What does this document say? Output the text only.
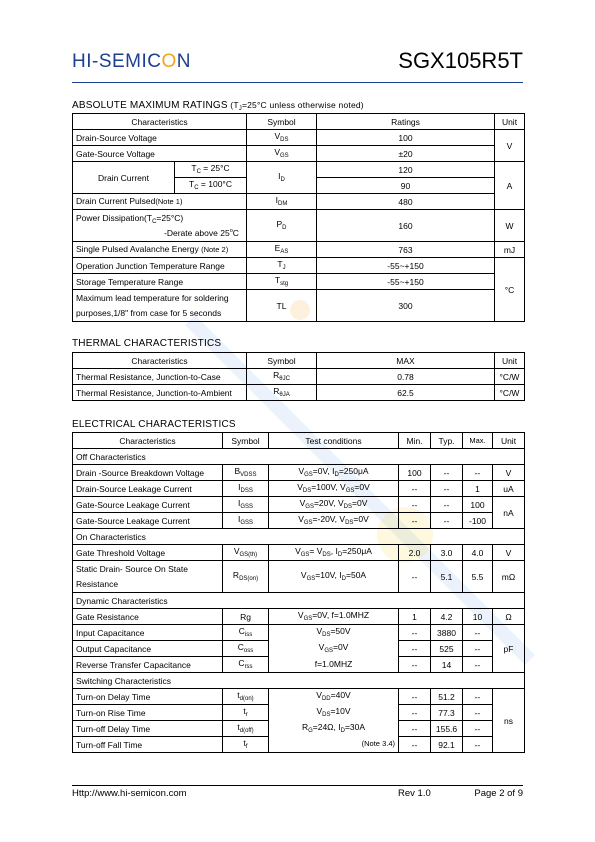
HI-SEMICON	SGX105R5T
ABSOLUTE MAXIMUM RATINGS ($T_J=25^\circ C$ unless otherwise noted)
Characteristics		Symbol	Ratings	Unit
Drain-Source Voltage		$V_{DS}$	100	V
Gate-Source Voltage		$V_{GS}$	±20	
Drain Current	$T_C = 25^\circ C$	$I_D$	120	A
	$T_C = 100^\circ C$		90	
Drain Current Pulsed(Note 1)		$I_{DM}$	480	
Power $Dissipation(T_C=25^\circ C)$
-Derate above 25$^o$C		$P_D$	160	W
Single Pulsed Avalanche Energy (Note 2)		$E_{AS}$	763	mJ
Operation Junction Temperature Range		$T_J$	-55~+150	°C
Storage Temperature Range		$T_{stg}$	-55~+150	
Maximum lead temperature for soldering
purposes,1/8" from case for 5 seconds		TL	300	
THERMAL CHARACTERISTICS
Characteristics	Symbol	MAX	Unit
Thermal Resistance, Junction-to-Case	$R_{\theta JC}$	0.78	°C/W
Thermal Resistance, Junction-to-Ambient	$R_{\theta JA}$	62.5	°C/W
ELECTRICAL CHARACTERISTICS
Characteristics	Symbol	Test conditions	Min.	Typ.	Max.	Unit
Off Characteristics						
Drain -Source Breakdown Voltage	$B_{VDSS}$	$V_{GS}=0V$, $I_D=250\mu A$	100	--	--	V
Drain-Source Leakage Current	$I_{DSS}$	$V_{DS}=100V$, $V_{GS}=0V$	--	--	1	uA
Gate-Source Leakage Current	$I_{GSS}$	$V_{GS}=20V$, $V_{DS}=0V$	--	--	100	nA
Gate-Source Leakage Current	$I_{GSS}$	$V_{GS}=-20V$, $V_{DS}=0V$	--	--	-100	
On Characteristics						
Gate Threshold Voltage	$V_{GS(th)}$	$V_{GS}= V_{DS}$, $I_D=250\mu A$	2.0	3.0	4.0	V
Static Drain- Source On State
Resistance	$R_{DS(on)}$	$V_{GS}=10V$, $I_D=50A$	--	5.1	5.5	mΩ
Dynamic Characteristics						
Gate Resistance	Rg	$V_{GS}=0V$, f=1.0MHZ	1	4.2	10	Ω
Input Capacitance	$C_{iss}$	$V_{DS}=50V$	--	3880	--	pF
Output Capacitance	$C_{oss}$	$V_{GS}=0V$	--	525	--	
Reverse Transfer Capacitance	$C_{rss}$	f=1.0MHZ	--	14	--	
Switching Characteristics						
Turn-on Delay Time	$t_{d(on)}$	$V_{DD}=40V$	--	51.2	--	ns
Turn-on Rise Time	$t_r$	$V_{DS}=10V$	--	77.3	--	
Turn-off Delay Time	$t_{d(off)}$	$R_G=24\Omega$, $I_D=30A$	--	155.6	--	
Turn-off Fall Time	$t_f$	(Note 3.4)	--	92.1	--	
Http://www.hi-semicon.com	Rev 1.0	Page 2 of 9
